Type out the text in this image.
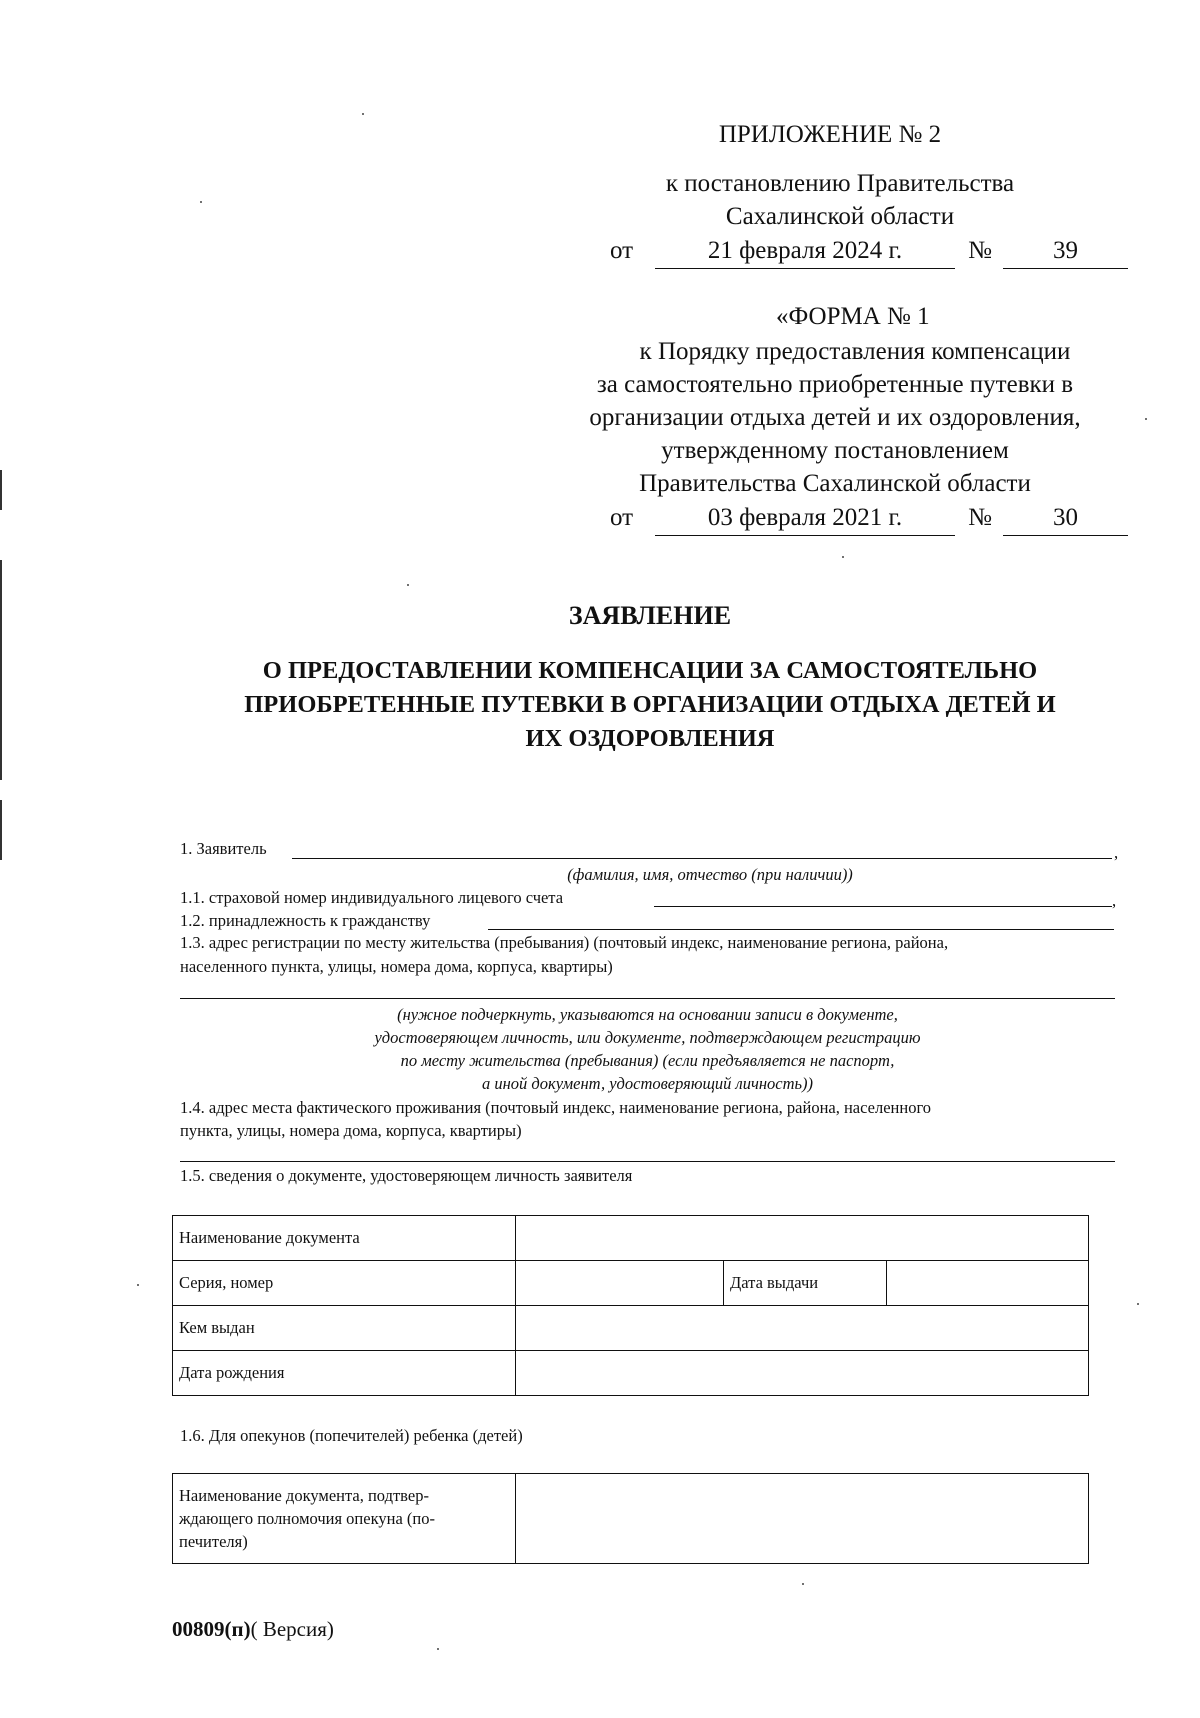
ПРИЛОЖЕНИЕ № 2
к постановлению Правительства
Сахалинской области
от	21 февраля 2024 г.	№	39
«ФОРМА № 1
к Порядку предоставления компенсации
за самостоятельно приобретенные путевки в
организации отдыха детей и их оздоровления,
утвержденному постановлением
Правительства Сахалинской области
от	03 февраля 2021 г.	№	30
ЗАЯВЛЕНИЕ
О ПРЕДОСТАВЛЕНИИ КОМПЕНСАЦИИ ЗА САМОСТОЯТЕЛЬНО
ПРИОБРЕТЕННЫЕ ПУТЕВКИ В ОРГАНИЗАЦИИ ОТДЫХА ДЕТЕЙ И
ИХ ОЗДОРОВЛЕНИЯ
1. Заявитель	,
(фамилия, имя, отчество (при наличии))
1.1. страховой номер индивидуального лицевого счета	,
1.2. принадлежность к гражданству
1.3. адрес регистрации по месту жительства (пребывания) (почтовый индекс, наименование региона, района,
населенного пункта, улицы, номера дома, корпуса, квартиры)
(нужное подчеркнуть, указываются на основании записи в документе,
удостоверяющем личность, или документе, подтверждающем регистрацию
по месту жительства (пребывания) (если предъявляется не паспорт,
а иной документ, удостоверяющий личность))
1.4. адрес места фактического проживания (почтовый индекс, наименование региона, района, населенного
пункта, улицы, номера дома, корпуса, квартиры)
1.5. сведения о документе, удостоверяющем личность заявителя
Наименование документа			
Серия, номер		Дата выдачи	
Кем выдан			
Дата рождения			
1.6. Для опекунов (попечителей) ребенка (детей)
Наименование документа, подтвер-
ждающего полномочия опекуна (по-
печителя)

00809(п)( Версия)
